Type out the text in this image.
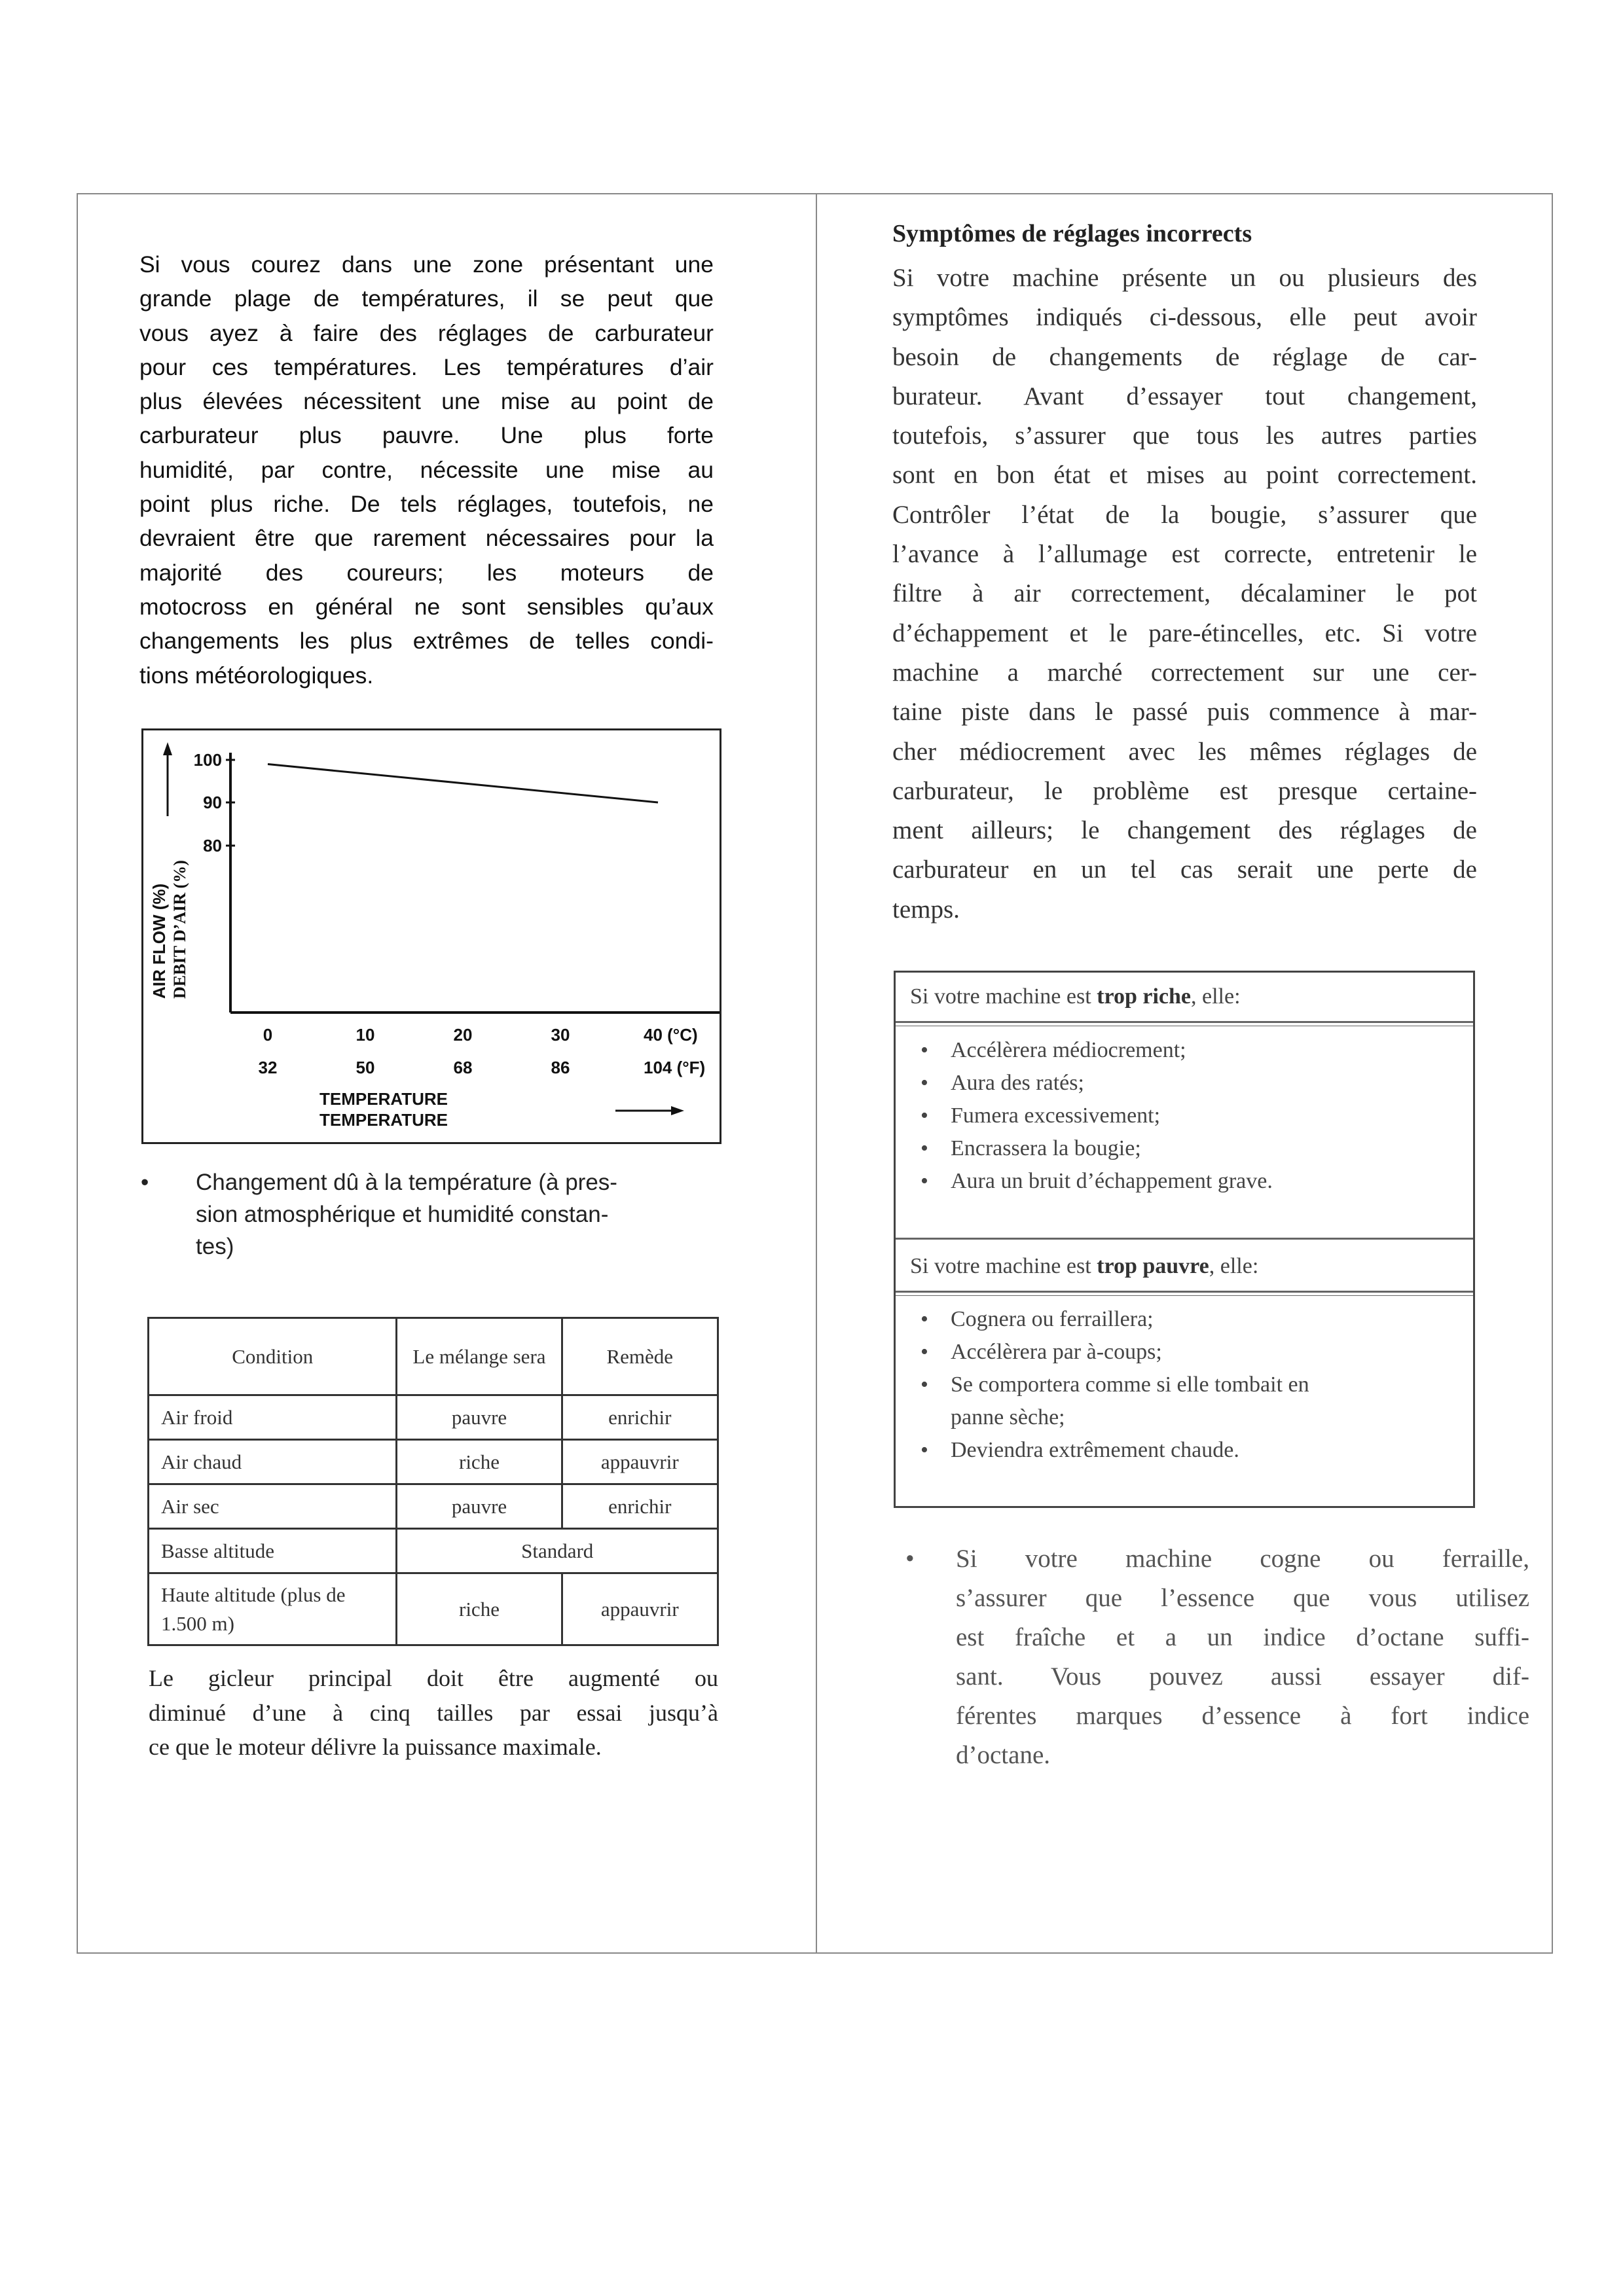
Si vous courez dans une zone présentant une
grande plage de températures, il se peut que
vous ayez à faire des réglages de carburateur
pour ces températures. Les températures d’air
plus élevées nécessitent une mise au point de
carburateur plus pauvre. Une plus forte
humidité, par contre, nécessite une mise au
point plus riche. De tels réglages, toutefois, ne
devraient être que rarement nécessaires pour la
majorité des coureurs; les moteurs de
motocross en général ne sont sensibles qu’aux
changements les plus extrêmes de telles condi-
tions météorologiques.
100
90
80
AIR FLOW (%) DEBIT D’AIR (%)
0	10	20	30	40 (°C)
32	50	68	86	104 (°F)
TEMPERATURE
TEMPERATURE
• Changement dû à la température (à pres-
sion atmosphérique et humidité constan-
tes)
Condition	Le mélange sera	Remède
Air froid	pauvre	enrichir
Air chaud	riche	appauvrir
Air sec	pauvre	enrichir
Basse altitude	Standard	
Haute altitude (plus de 1.500 m)	riche	appauvrir
Le gicleur principal doit être augmenté ou
diminué d’une à cinq tailles par essai jusqu’à
ce que le moteur délivre la puissance maximale.
Symptômes de réglages incorrects
Si votre machine présente un ou plusieurs des
symptômes indiqués ci-dessous, elle peut avoir
besoin de changements de réglage de car-
burateur. Avant d’essayer tout changement,
toutefois, s’assurer que tous les autres parties
sont en bon état et mises au point correctement.
Contrôler l’état de la bougie, s’assurer que
l’avance à l’allumage est correcte, entretenir le
filtre à air correctement, décalaminer le pot
d’échappement et le pare-étincelles, etc. Si votre
machine a marché correctement sur une cer-
taine piste dans le passé puis commence à mar-
cher médiocrement avec les mêmes réglages de
carburateur, le problème est presque certaine-
ment ailleurs; le changement des réglages de
carburateur en un tel cas serait une perte de
temps.
Si votre machine est trop riche, elle:
• Accélèrera médiocrement;
• Aura des ratés;
• Fumera excessivement;
• Encrassera la bougie;
• Aura un bruit d’échappement grave.
Si votre machine est trop pauvre, elle:
• Cognera ou ferraillera;
• Accélèrera par à-coups;
• Se comportera comme si elle tombait en panne sèche;
• Deviendra extrêmement chaude.
• Si votre machine cogne ou ferraille,
s’assurer que l’essence que vous utilisez
est fraîche et a un indice d’octane suffi-
sant. Vous pouvez aussi essayer dif-
férentes marques d’essence à fort indice
d’octane.
